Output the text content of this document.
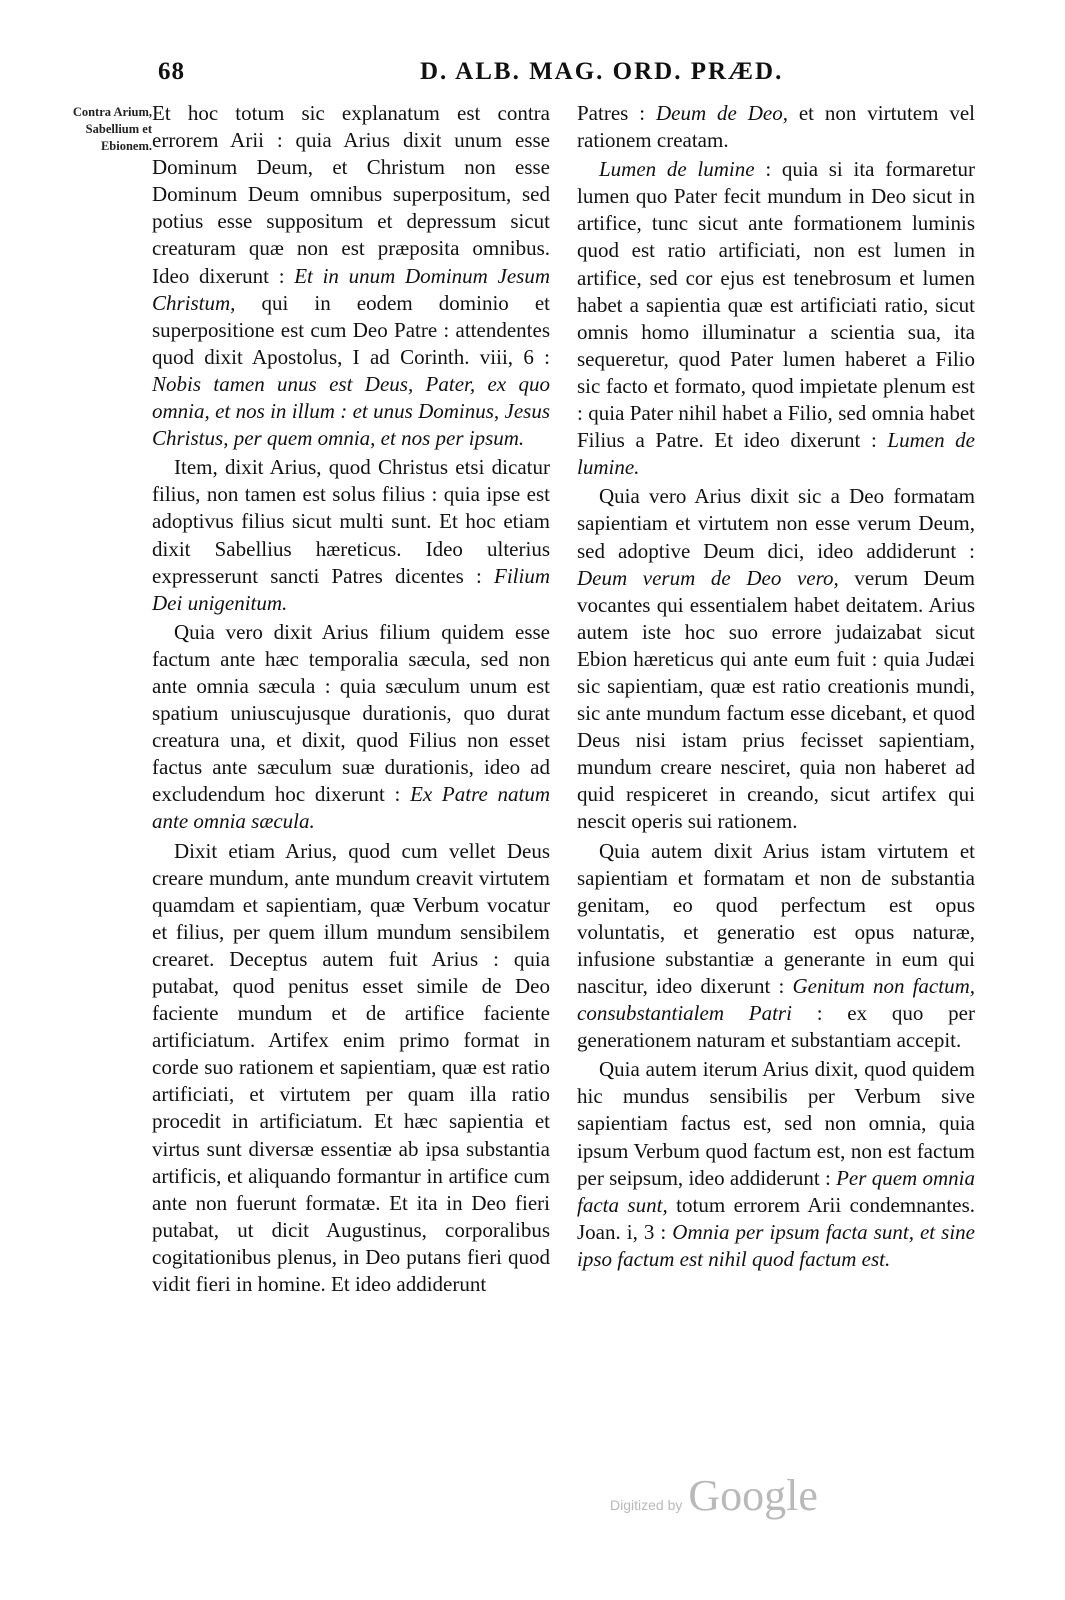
68	D. ALB. MAG. ORD. PRÆD.
Contra Arium, Sabellium et Ebionem.

Et hoc totum sic explanatum est contra errorem Arii : quia Arius dixit unum esse Dominum Deum, et Christum non esse Dominum Deum omnibus superpositum, sed potius esse suppositum et depressum sicut creaturam quæ non est præposita omnibus. Ideo dixerunt : Et in unum Dominum Jesum Christum, qui in eodem dominio et superpositione est cum Deo Patre : attendentes quod dixit Apostolus, I ad Corinth. viii, 6 : Nobis tamen unus est Deus, Pater, ex quo omnia, et nos in illum : et unus Dominus, Jesus Christus, per quem omnia, et nos per ipsum.

Item, dixit Arius, quod Christus etsi dicatur filius, non tamen est solus filius : quia ipse est adoptivus filius sicut multi sunt. Et hoc etiam dixit Sabellius hæreticus. Ideo ulterius expresserunt sancti Patres dicentes : Filium Dei unigenitum.

Quia vero dixit Arius filium quidem esse factum ante hæc temporalia sæcula, sed non ante omnia sæcula : quia sæculum unum est spatium uniuscujusque durationis, quo durat creatura una, et dixit, quod Filius non esset factus ante sæculum suæ durationis, ideo ad excludendum hoc dixerunt : Ex Patre natum ante omnia sæcula.

Dixit etiam Arius, quod cum vellet Deus creare mundum, ante mundum creavit virtutem quamdam et sapientiam, quæ Verbum vocatur et filius, per quem illum mundum sensibilem crearet. Deceptus autem fuit Arius : quia putabat, quod penitus esset simile de Deo faciente mundum et de artifice faciente artificiatum. Artifex enim primo format in corde suo rationem et sapientiam, quæ est ratio artificiati, et virtutem per quam illa ratio procedit in artificiatum. Et hæc sapientia et virtus sunt diversæ essentiæ ab ipsa substantia artificis, et aliquando formantur in artifice cum ante non fuerunt formatæ. Et ita in Deo fieri putabat, ut dicit Augustinus, corporalibus cogitationibus plenus, in Deo putans fieri quod vidit fieri in homine. Et ideo addiderunt

Patres : Deum de Deo, et non virtutem vel rationem creatam.

Lumen de lumine : quia si ita formaretur lumen quo Pater fecit mundum in Deo sicut in artifice, tunc sicut ante formationem luminis quod est ratio artificiati, non est lumen in artifice, sed cor ejus est tenebrosum et lumen habet a sapientia quæ est artificiati ratio, sicut omnis homo illuminatur a scientia sua, ita sequeretur, quod Pater lumen haberet a Filio sic facto et formato, quod impietate plenum est : quia Pater nihil habet a Filio, sed omnia habet Filius a Patre. Et ideo dixerunt : Lumen de lumine.

Quia vero Arius dixit sic a Deo formatam sapientiam et virtutem non esse verum Deum, sed adoptive Deum dici, ideo addiderunt : Deum verum de Deo vero, verum Deum vocantes qui essentialem habet deitatem. Arius autem iste hoc suo errore judaizabat sicut Ebion hæreticus qui ante eum fuit : quia Judæi sic sapientiam, quæ est ratio creationis mundi, sic ante mundum factum esse dicebant, et quod Deus nisi istam prius fecisset sapientiam, mundum creare nesciret, quia non haberet ad quid respiceret in creando, sicut artifex qui nescit operis sui rationem.

Quia autem dixit Arius istam virtutem et sapientiam et formatam et non de substantia genitam, eo quod perfectum est opus voluntatis, et generatio est opus naturæ, infusione substantiæ a generante in eum qui nascitur, ideo dixerunt : Genitum non factum, consubstantialem Patri : ex quo per generationem naturam et substantiam accepit.

Quia autem iterum Arius dixit, quod quidem hic mundus sensibilis per Verbum sive sapientiam factus est, sed non omnia, quia ipsum Verbum quod factum est, non est factum per seipsum, ideo addiderunt : Per quem omnia facta sunt, totum errorem Arii condemnantes. Joan. i, 3 : Omnia per ipsum facta sunt, et sine ipso factum est nihil quod factum est.

Digitized by Google
